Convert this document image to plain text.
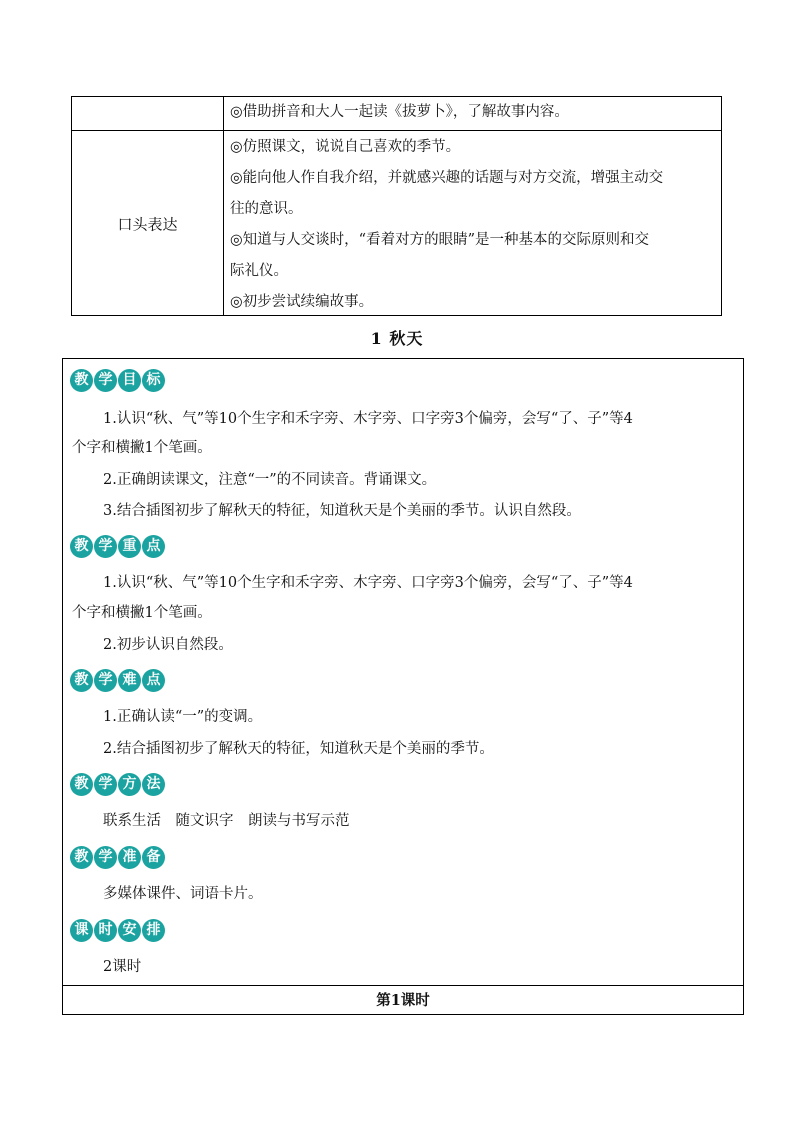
◎借助拼音和大人一起读《拔萝卜》，了解故事内容。
口头表达
◎仿照课文，说说自己喜欢的季节。
◎能向他人作自我介绍，并就感兴趣的话题与对方交流，增强主动交
往的意识。
◎知道与人交谈时，“看着对方的眼睛”是一种基本的交际原则和交
际礼仪。
◎初步尝试续编故事。
1 秋天
教 学 目 标
1.认识“秋、气”等10个生字和禾字旁、木字旁、口字旁3个偏旁，会写“了、子”等4
个字和横撇1个笔画。
2.正确朗读课文，注意“一”的不同读音。背诵课文。
3.结合插图初步了解秋天的特征，知道秋天是个美丽的季节。认识自然段。
教 学 重 点
1.认识“秋、气”等10个生字和禾字旁、木字旁、口字旁3个偏旁，会写“了、子”等4
个字和横撇1个笔画。
2.初步认识自然段。
教 学 难 点
1.正确认读“一”的变调。
2.结合插图初步了解秋天的特征，知道秋天是个美丽的季节。
教 学 方 法
联系生活　随文识字　朗读与书写示范
教 学 准 备
多媒体课件、词语卡片。
课 时 安 排
2课时
第1课时
